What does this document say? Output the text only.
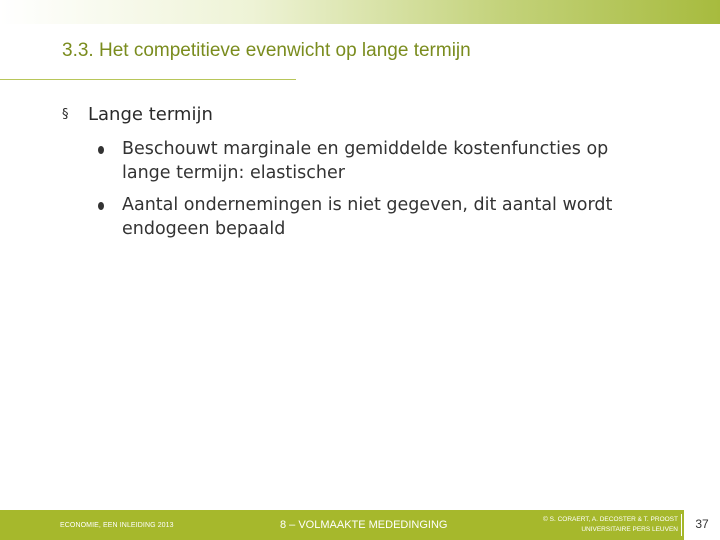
3.3. Het competitieve evenwicht op lange termijn
§ Lange termijn
Beschouwt marginale en gemiddelde kostenfuncties op lange termijn: elastischer
Aantal ondernemingen is niet gegeven, dit aantal wordt endogeen bepaald
ECONOMIE, EEN INLEIDING 2013	8 – VOLMAAKTE MEDEDINGING	© S. CORAERT, A. DECOSTER & T. PROOST
UNIVERSITAIRE PERS LEUVEN	37
